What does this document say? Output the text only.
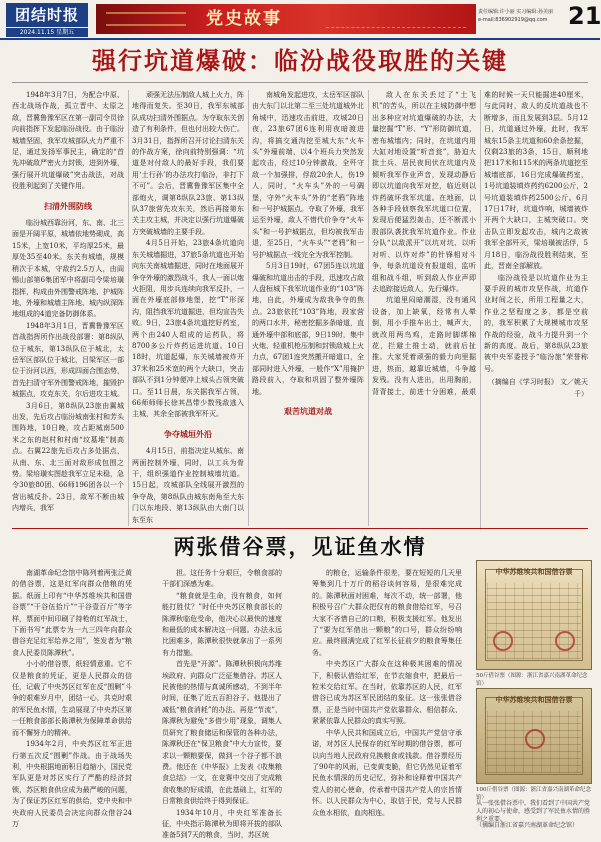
团结时报
2024.11.15 星期五
党史故事	责任编辑:许小丽 实习编辑:孙美丽
e-mail:836902919@qq.com 21
强行坑道爆破：临汾战役取胜的关键

1948年3月7日，为配合中原、西北战场作战，孤立晋中、太原之敌，晋冀鲁豫军区在第一副司令员徐向前指挥下发起临汾战役。由于临汾城墙坚固，我军攻城部队火力严重不足，通过发扬军事民主，确定的“首先冲破敌严密火力封锁，进到外壕，强行展开坑道爆破”突击战法，对战役胜利起到了关键作用。

扫清外围防线

临汾城西靠汾河，东、南、北三面是开阔平原，城墙依地势砌成，高15米，上宽10米，平均厚25米，最厚处35至40米。东关有城墙，规模稍次于本城，守敌约2.5万人，由阎锡山部第6集团军中将副司令梁培璜指挥，构成由外围警戒阵地、护城阵地、外壕和城墙主阵地、城内纵深阵地组成的4道完备防御体系。

1948年3月1日，晋冀鲁豫军区首战指挥所作出战役部署：第8纵队位于城东，第13纵队位于城北，太岳军区部队位于城北，吕梁军区一部位于汾河以西，形成四面合围态势，首先扫清守军外围警戒阵地，摧毁护城据点，攻克东关，尔后进攻主城。

3月6日，第8纵队23旅由翼城出发，先后攻占临汾城南张村和芳头围阵地，10日晚，攻占距城南500米之东的赵村和村南“坟墓堆”制高点。右翼22旅先后攻占多处据点，从南、东、北三面对敌形成包围之势。梁培璜实图趁我军立足未稳，急令30旅80团、66师196团各以一个营出城反扑。23日，敌军不断由城内增兵，我军

顽强无法压制敌人城上火力，阵地得而复失。至30日，我军东城部队成功扫清外围据点。为夺取东关创造了有利条件，但也付出较大伤亡。3月31日，指挥所召开讨论扫清东关的作战方案，徐向前特别强调：“坑道是对付敌人的最好手段，我们要用‘土行孙’的办法攻打临汾，非打下不可”。会后，晋冀鲁豫军区集中全部炮火，调第8纵队23旅、第13纵队37旅营先攻东关，然后再接第东关主攻主城，并决定以强行坑道爆破方突破城墙的主要手段。

4月5日开始，23旅4条坑道向东关城墙掘进，37旅5条坑道也开始向东关南城墙掘进，同时在地面展开争夺外壕的激烈战斗，我人一面以炮火拒阻，用步兵连续向我军反扑，一面在外壕底部修地堡，挖“T”形深沟，阻挡我军坑道掘进，但均宣告失败。9日，23旅4条坑道挖好药室，两个由240人组成的运药队，将8700多公斤炸药运进坑道。10日18时，坑道起爆，东关城墙被炸开37米和25米宽的两个大缺口，突击部队不到1分钟便冲上城头占领突破口。至11日晨，东关据我军占领，66师师师长徐其昌带少数残敌逃入主城，其余全部被我军歼灭。

争夺城垣外沿

4月15日，前指决定从城东、南两面控制外壕，同时，以工兵为骨干，组织强道作业控制城墙坑道。15日起，攻城部队全线展开激烈的争夺战，第8纵队由城东南角至大东门以东地段、第13纵队由大南门以东至东

南城角发起进攻，太岳军区部队由大东门以北第二至三处坑道城外北角城中，迅速攻击前进，攻城20日夜，23旅67团6连利用夜暗渡进沟，将搞交通沟挖至城大东“火车头”外壕前端，以4个班兵力突然发起攻击，经过10分钟激战，全歼守敌一个加强排，俘敌20余人，伤19人，同时，“火车头”外的一号碉堡，守外“火车头”外的“老鸦”阵地和一号护城据点。夺取了外壕，我军运至外壕，敌人不惜代价争夺“火车头”和一号护城据点，但均被我军击退，至25日，“火车头”“老鸦”和一号护城据点一线完全为我军控制。

5月3日19时，67团5连以坑道爆破和坑道出击的手段，迅速攻占敌人盘桓城下我军坑道作业的“103”阵地，自此，外壕成为敌我争夺的焦点。23旅依托“103”阵地，段家营的两口水井，秘密挖掘多条暗道，直通外壕中部和底部，9日19时，集中火炮、轻重机枪压制和封锁敌城上火力点，67团1连突然搬开暗道口，全部同时进入外壕，一般作“X”用掩护路段前入，夺取和巩固了整外壕阵地。

艰苦坑道对战

敌人在东关丢过了“土飞机”的苦头，所以在主城防御中想出多种应对坑道爆破的办法，大量挖掘“T”形、“Y”形防御坑道，密布城墙内；同时，在坑道内用大缸对地设置“听音瓮”，胁迫大批土兵、居民夜间伏在坑道内及倾听我军作业声音，发现动静后即以坑道向我军对挖，临近则以炸药破坏我军坑道。在地面，以各种手段侦察我军坑道口位置，发现后便猛烈轰击，还不断派小股部队袭扰我军坑道作业。作业分队“以敌派开”以坑对坑、以听对听、以炸对炸”的针锋相对斗争，每条坑道设有报道组，监听组和战斗组，听到敌人作业声即去追踪接近敌人，先行爆炸。

坑道里闷暗潮湿，没有通风设备，加上缺氧，经常有人晕倒，用小手推车出土，喊声大，就改用两鸟鸡，走路时脚绑棉花，拦避土推土动，就前后扯推。大家凭着顽强的毅力向里掘进，热而，越靠近城墙，斗争越发残。没有人进出，出用胸前，背背接土，前进十分困难，最艰难的时候一天只能掘进40厘米，与此同时，敌人的反坑道战也不断增多，而且发展到3层。5月12日，坑道通过外壕，此时，我军城东15条主坑道和60余条挖掘，仅剩23旅的3条，15日，顺利地把117米和115米的两条坑道挖至城墙底部，16日完成爆破药室，1号坑道装填炸药约6200公斤，2号坑道装填炸药2500公斤。6月17日17时，坑道炸响，城墙被炸开两个大缺口，主城突破口。突击队立即发起攻击，城内之敌被我军全部歼灭，梁培璜被活俘，5月18日，临汾战役胜利结束，至此，晋南全部解放。

临汾战役是以坑道作业为主要手段的城市攻坚作战，坑道作业时间之长，所用工程量之大，作业之坚程度之多，都是空前的，我军积累了大规模城市攻坚作战的经验，战斗力提升到一个新的高度。战后，第8纵队23旅被中央军委授予“临汾旅”荣誉称号。

（摘编自《学习时报》 文／姚天千）
两张借谷票，见证鱼水情

南湖革命纪念馆中陈列着两张泛黄的借谷票，这是红军向群众借粮的凭据。纸面上印有“中华苏维埃共和国借谷票”“干谷伍拾斤”“干谷壹百斤”等字样，票面中间印刷了持枪的红军战士，下面书写“此票专为一九三四年向群众借谷充足红军给养之用”，签发者为“粮食人民委员陈潭秋”。

小小的借谷票，纸轻情意重。它不仅是粮食的凭证，更是人民群众的信任，记载了中央苏区红军在反“围剿”斗争的艰难岁月中，团结一心，共克时艰的军民鱼水情，生动展现了中央苏区第一任粮食部部长陈潭秋为保障革命供给而不懈努力的精神。

1934年2月，中央苏区红军正进行第五次反“围剿”作战。由于战场失利，中央根据地面积日趋缩小，国民党军队更是对苏区实行了严酷的经济封锁，苏区粮食供应成为最严峻的问题，为了保证苏区红军的供给，党中央和中央政府人民委员会决定向群众借谷24万

担。这任务十分艰巨，令粮食部的干部们深感为难。

“粮食就是生命，没有粮食，如何能打胜仗？”时任中央苏区粮食部长的陈潭秋临危受命，他决心以最快的速度和最低的成本解决这一问题。办法永远比困难多，陈潭秋很快就拿出了一系列有力措施。

首先是“开源”。陈潭秋积极向苏维埃政府、向群众广泛征集借谷。苏区人民被他的热情与真诚所感动，不到半年时间，征集了近五百担谷子。他提出了减低“粮食消耗”的办法。再是“节流”，陈潭秋为避免“多借少用”现象，调集人员研究了粮食储运和保管的各种办法，陈潭秋还在“保卫粮食”中大力宣传，要求以一颗粮要保，做到一个谷子都不浪费。他还在《中华报》上发表《收集粮食总结》一文，在竞赛中交出了完成粮食收集的好成绩，在此基础上，红军的日常粮食供给终于得到保证。

1934年10月，中央红军准备长征，中央指示陈潭秋为即将开拔的部队准备5到7天的粮食，当时，苏区统

的粮仓，运输条件很差，要在短短的几天里筹集到几十万斤的稻谷谈何容易，是很难完成的。陈潭秋面对困难，每次不动，统一部署，他积极号召广大群众把仅有的粮食借给红军，号召大家不吝惜自己的口粮，积极支援红军。他发出了“要为红军借出一颗粮”的口号，群众纷纷响应。最终圆满完成了红军长征前夕的粮食筹集任务。

中央苏区广大群众在这种极其困难的情况下，积极认借给红军，在节衣缩食中，把最后一粒米交给红军。在当时，依靠苏区的人民，红军借谷已成为苏区军民团结的象征。这一张张借谷票，正是当时中国共产党依靠群众、相信群众、紧紧依靠人民群众的真实写照。

中华人民共和国成立后，中国共产党信守承诺，对苏区人民保存的红军时期的借谷票，都可以向当地人民政府兑换粮食或钱款。借谷票经历了90年的风雨，已变黄变脆，但它仍然见证着军民鱼水情深的历史记忆，弥补和诠释着中国共产党人的初心使命，传承着中国共产党人的宗旨情怀。以人民群众为中心，取信于民，党与人民群众鱼水相依，血肉相连。

中华苏维埃共和国借谷票
50斤借谷票（图源：浙江省嘉兴南湖革命纪念馆）
中华苏维埃共和国借谷票
100斤借谷票（图源：浙江省嘉兴南湖革命纪念馆）
从一张张借谷票中，我们看到了中国共产党人的初心与使命，感受到了军民鱼水情的胜利之重要。
（摘编自浙江省嘉兴南湖革命纪念馆）
